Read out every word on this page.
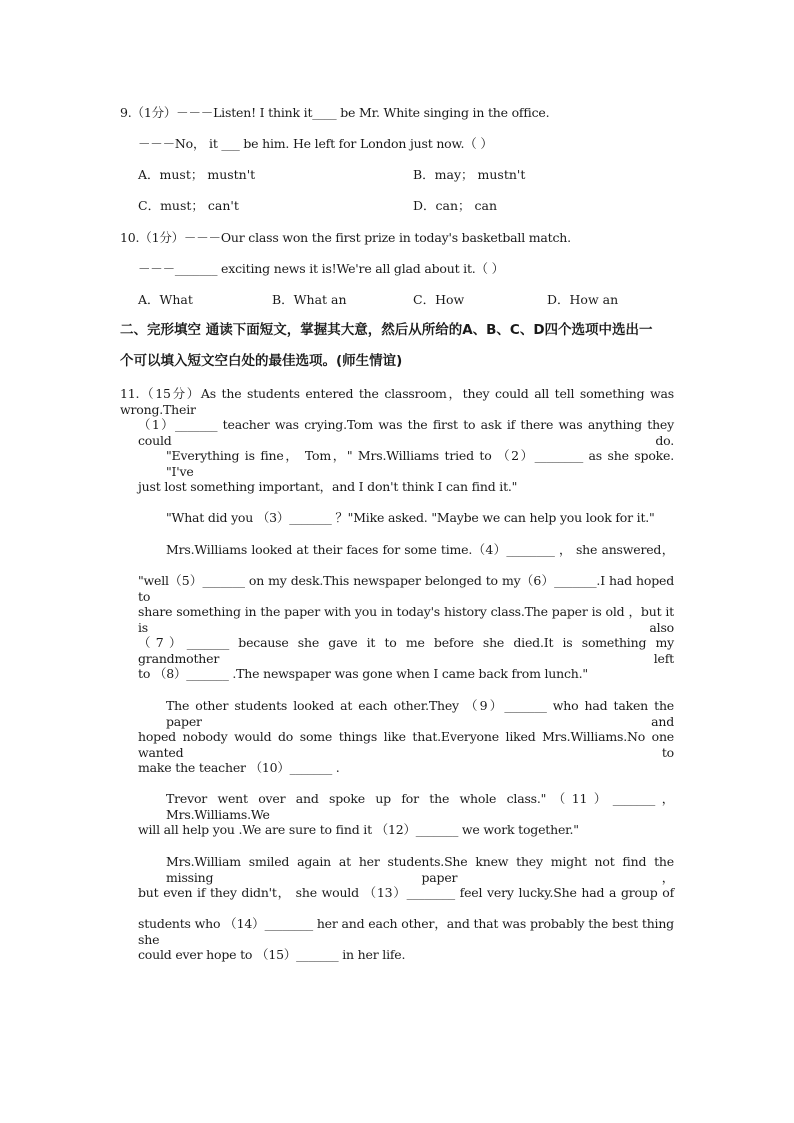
9.（1分）－－－Listen! I think it____ be Mr. White singing in the office.
－－－No， it ___ be him. He left for London just now.（ ）
A．must； mustn't	B．may； mustn't
C．must； can't	D．can； can
10.（1分）－－－Our class won the first prize in today's basketball match.
－－－_______ exciting news it is!We're all glad about it.（ ）
A．What	B．What an	C．How	D．How an
二、完形填空 通读下面短文，掌握其大意，然后从所给的A、B、C、D四个选项中选出一
个可以填入短文空白处的最佳选项。(师生情谊)
11.（15分）As the students entered the classroom，they could all tell something was wrong.Their
（1）_______ teacher was crying.Tom was the first to ask if there was anything they could do.
"Everything is fine， Tom，" Mrs.Williams tried to （2）________ as she spoke. "I've
just lost something important，and I don't think I can find it."
"What did you （3）_______ ？"Mike asked. "Maybe we can help you look for it."
Mrs.Williams looked at their faces for some time.（4）________ ， she answered，
"well（5）_______ on my desk.This newspaper belonged to my（6）_______.I had hoped to
share something in the paper with you in today's history class.The paper is old ，but it is also
（7）_______ because she gave it to me before she died.It is something my grandmother left
to （8）_______ .The newspaper was gone when I came back from lunch."
The other students looked at each other.They （9）_______ who had taken the paper and
hoped nobody would do some things like that.Everyone liked Mrs.Williams.No one wanted to
make the teacher （10）_______ .
Trevor went over and spoke up for the whole class."（11）_______，Mrs.Williams.We
will all help you .We are sure to find it （12）_______ we work together."
Mrs.William smiled again at her students.She knew they might not find the missing paper，
but even if they didn't， she would （13）________ feel very lucky.She had a group of
students who （14）________ her and each other，and that was probably the best thing she
could ever hope to （15）_______ in her life.
